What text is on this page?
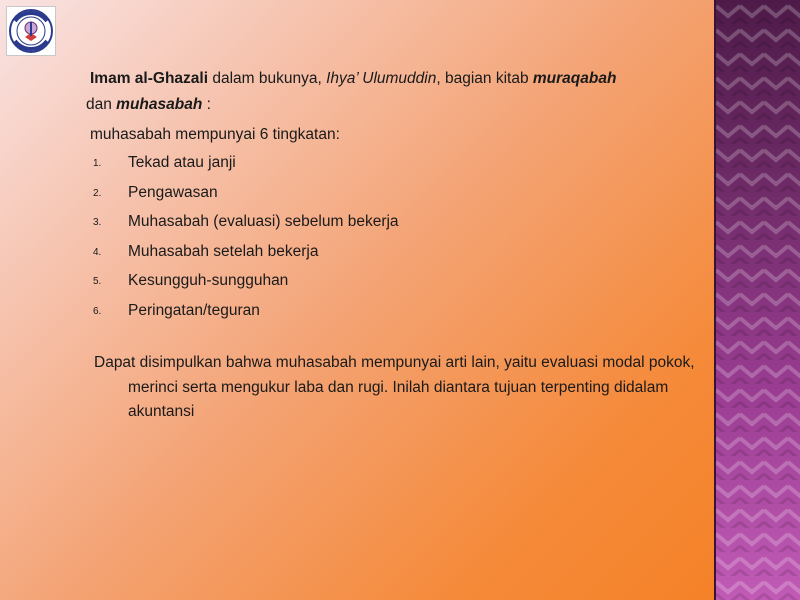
Imam al-Ghazali dalam bukunya, Ihya’ Ulumuddin, bagian kitab muraqabah
dan muhasabah :

muhasabah mempunyai 6 tingkatan:

1. Tekad atau janji
2. Pengawasan
3. Muhasabah (evaluasi) sebelum bekerja
4. Muhasabah setelah bekerja
5. Kesungguh-sungguhan
6. Peringatan/teguran

Dapat disimpulkan bahwa muhasabah mempunyai arti lain, yaitu evaluasi modal pokok, merinci serta mengukur laba dan rugi. Inilah diantara tujuan terpenting didalam akuntansi
